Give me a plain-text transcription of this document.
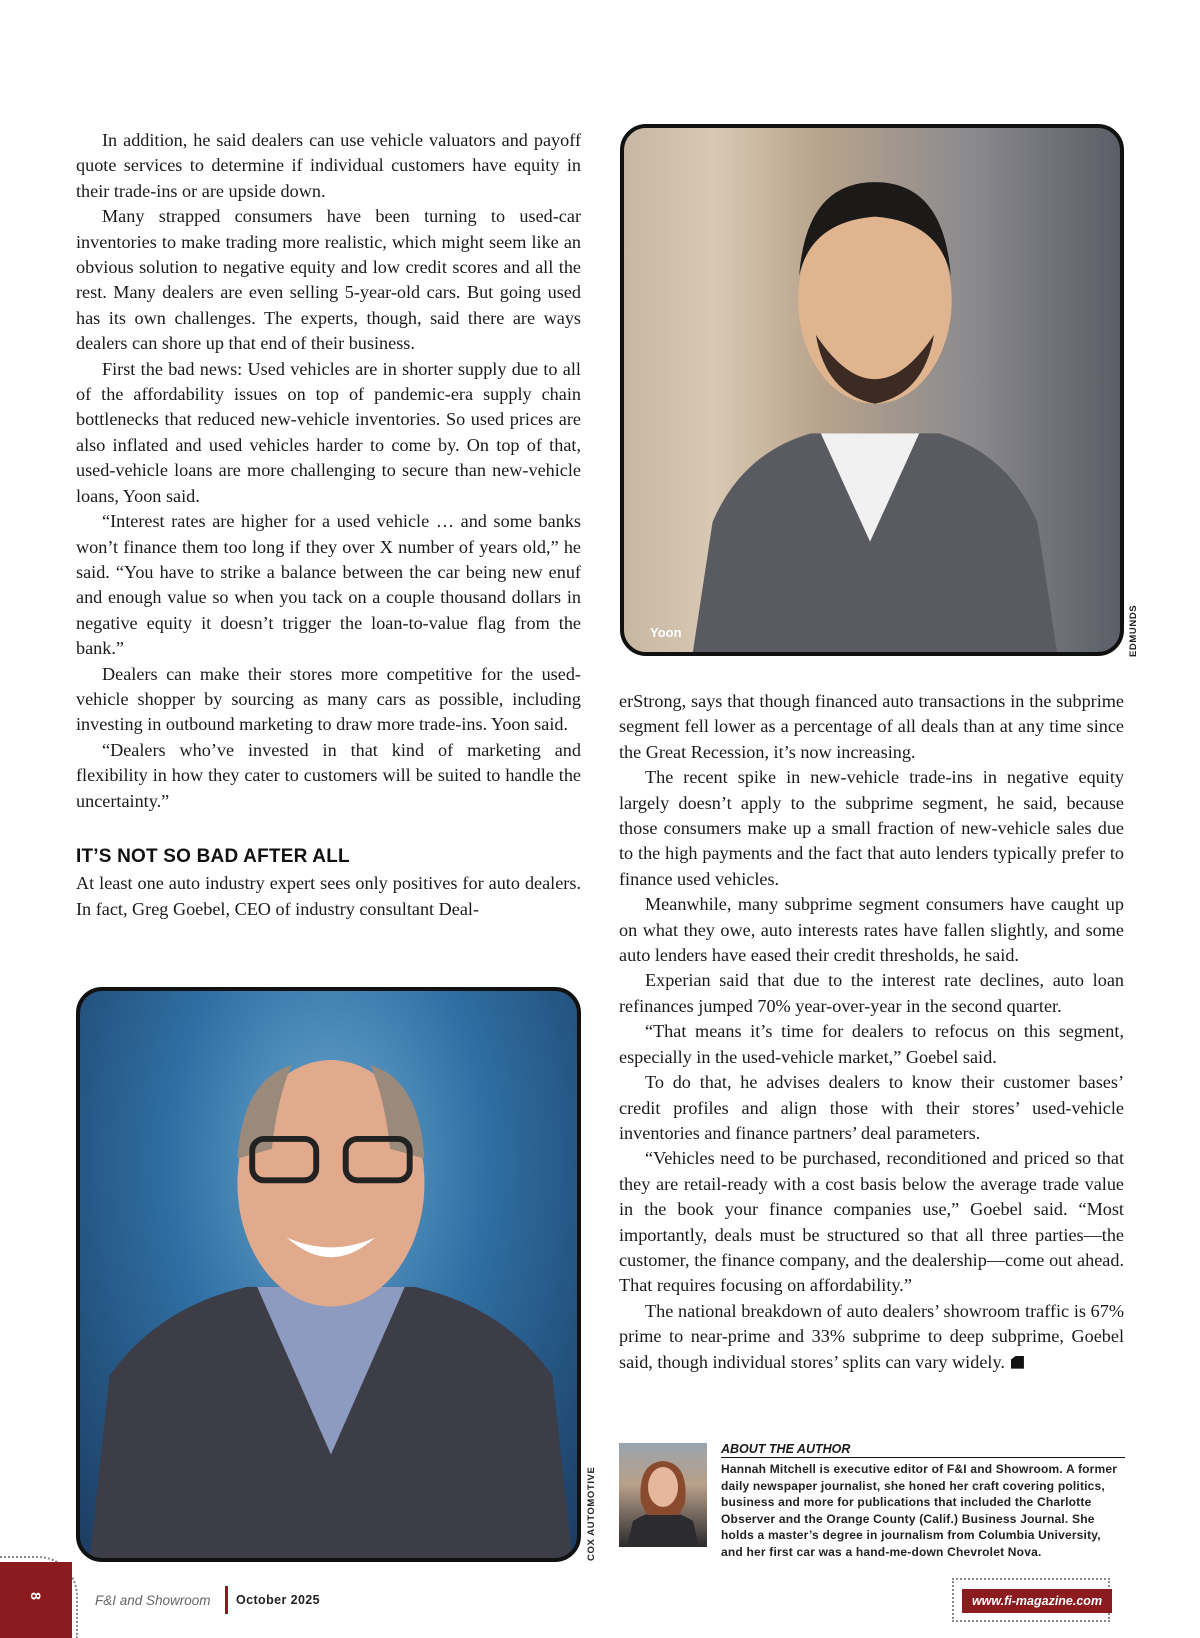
In addition, he said dealers can use vehicle valuators and payoff quote services to determine if individual customers have equity in their trade-ins or are upside down.

Many strapped consumers have been turning to used-car inventories to make trading more realistic, which might seem like an obvious solution to negative equity and low credit scores and all the rest. Many dealers are even selling 5-year-old cars. But going used has its own challenges. The experts, though, said there are ways dealers can shore up that end of their business.

First the bad news: Used vehicles are in shorter supply due to all of the affordability issues on top of pandemic-era supply chain bottlenecks that reduced new-vehicle inventories. So used prices are also inflated and used vehicles harder to come by. On top of that, used-vehicle loans are more challenging to secure than new-vehicle loans, Yoon said.

“Interest rates are higher for a used vehicle … and some banks won’t finance them too long if they over X number of years old,” he said. “You have to strike a balance between the car being new enuf and enough value so when you tack on a couple thousand dollars in negative equity it doesn’t trigger the loan-to-value flag from the bank.”

Dealers can make their stores more competitive for the used-vehicle shopper by sourcing as many cars as possible, including investing in outbound marketing to draw more trade-ins. Yoon said.

“Dealers who’ve invested in that kind of marketing and flexibility in how they cater to customers will be suited to handle the uncertainty.”

IT’S NOT SO BAD AFTER ALL

At least one auto industry expert sees only positives for auto dealers. In fact, Greg Goebel, CEO of industry consultant Deal-

Yoon	EDMUNDS
COX AUTOMOTIVE

erStrong, says that though financed auto transactions in the subprime segment fell lower as a percentage of all deals than at any time since the Great Recession, it’s now increasing.

The recent spike in new-vehicle trade-ins in negative equity largely doesn’t apply to the subprime segment, he said, because those consumers make up a small fraction of new-vehicle sales due to the high payments and the fact that auto lenders typically prefer to finance used vehicles.

Meanwhile, many subprime segment consumers have caught up on what they owe, auto interests rates have fallen slightly, and some auto lenders have eased their credit thresholds, he said.

Experian said that due to the interest rate declines, auto loan refinances jumped 70% year-over-year in the second quarter.

“That means it’s time for dealers to refocus on this segment, especially in the used-vehicle market,” Goebel said.

To do that, he advises dealers to know their customer bases’ credit profiles and align those with their stores’ used-vehicle inventories and finance partners’ deal parameters.

“Vehicles need to be purchased, reconditioned and priced so that they are retail-ready with a cost basis below the average trade value in the book your finance companies use,” Goebel said. “Most importantly, deals must be structured so that all three parties—the customer, the finance company, and the dealership—come out ahead. That requires focusing on affordability.”

The national breakdown of auto dealers’ showroom traffic is 67% prime to near-prime and 33% subprime to deep subprime, Goebel said, though individual stores’ splits can vary widely.

ABOUT THE AUTHOR
Hannah Mitchell is executive editor of F&I and Showroom. A former daily newspaper journalist, she honed her craft covering politics, business and more for publications that included the Charlotte Observer and the Orange County (Calif.) Business Journal. She holds a master’s degree in journalism from Columbia University, and her first car was a hand-me-down Chevrolet Nova.
8	F&I and Showroom October 2025	www.fi-magazine.com
